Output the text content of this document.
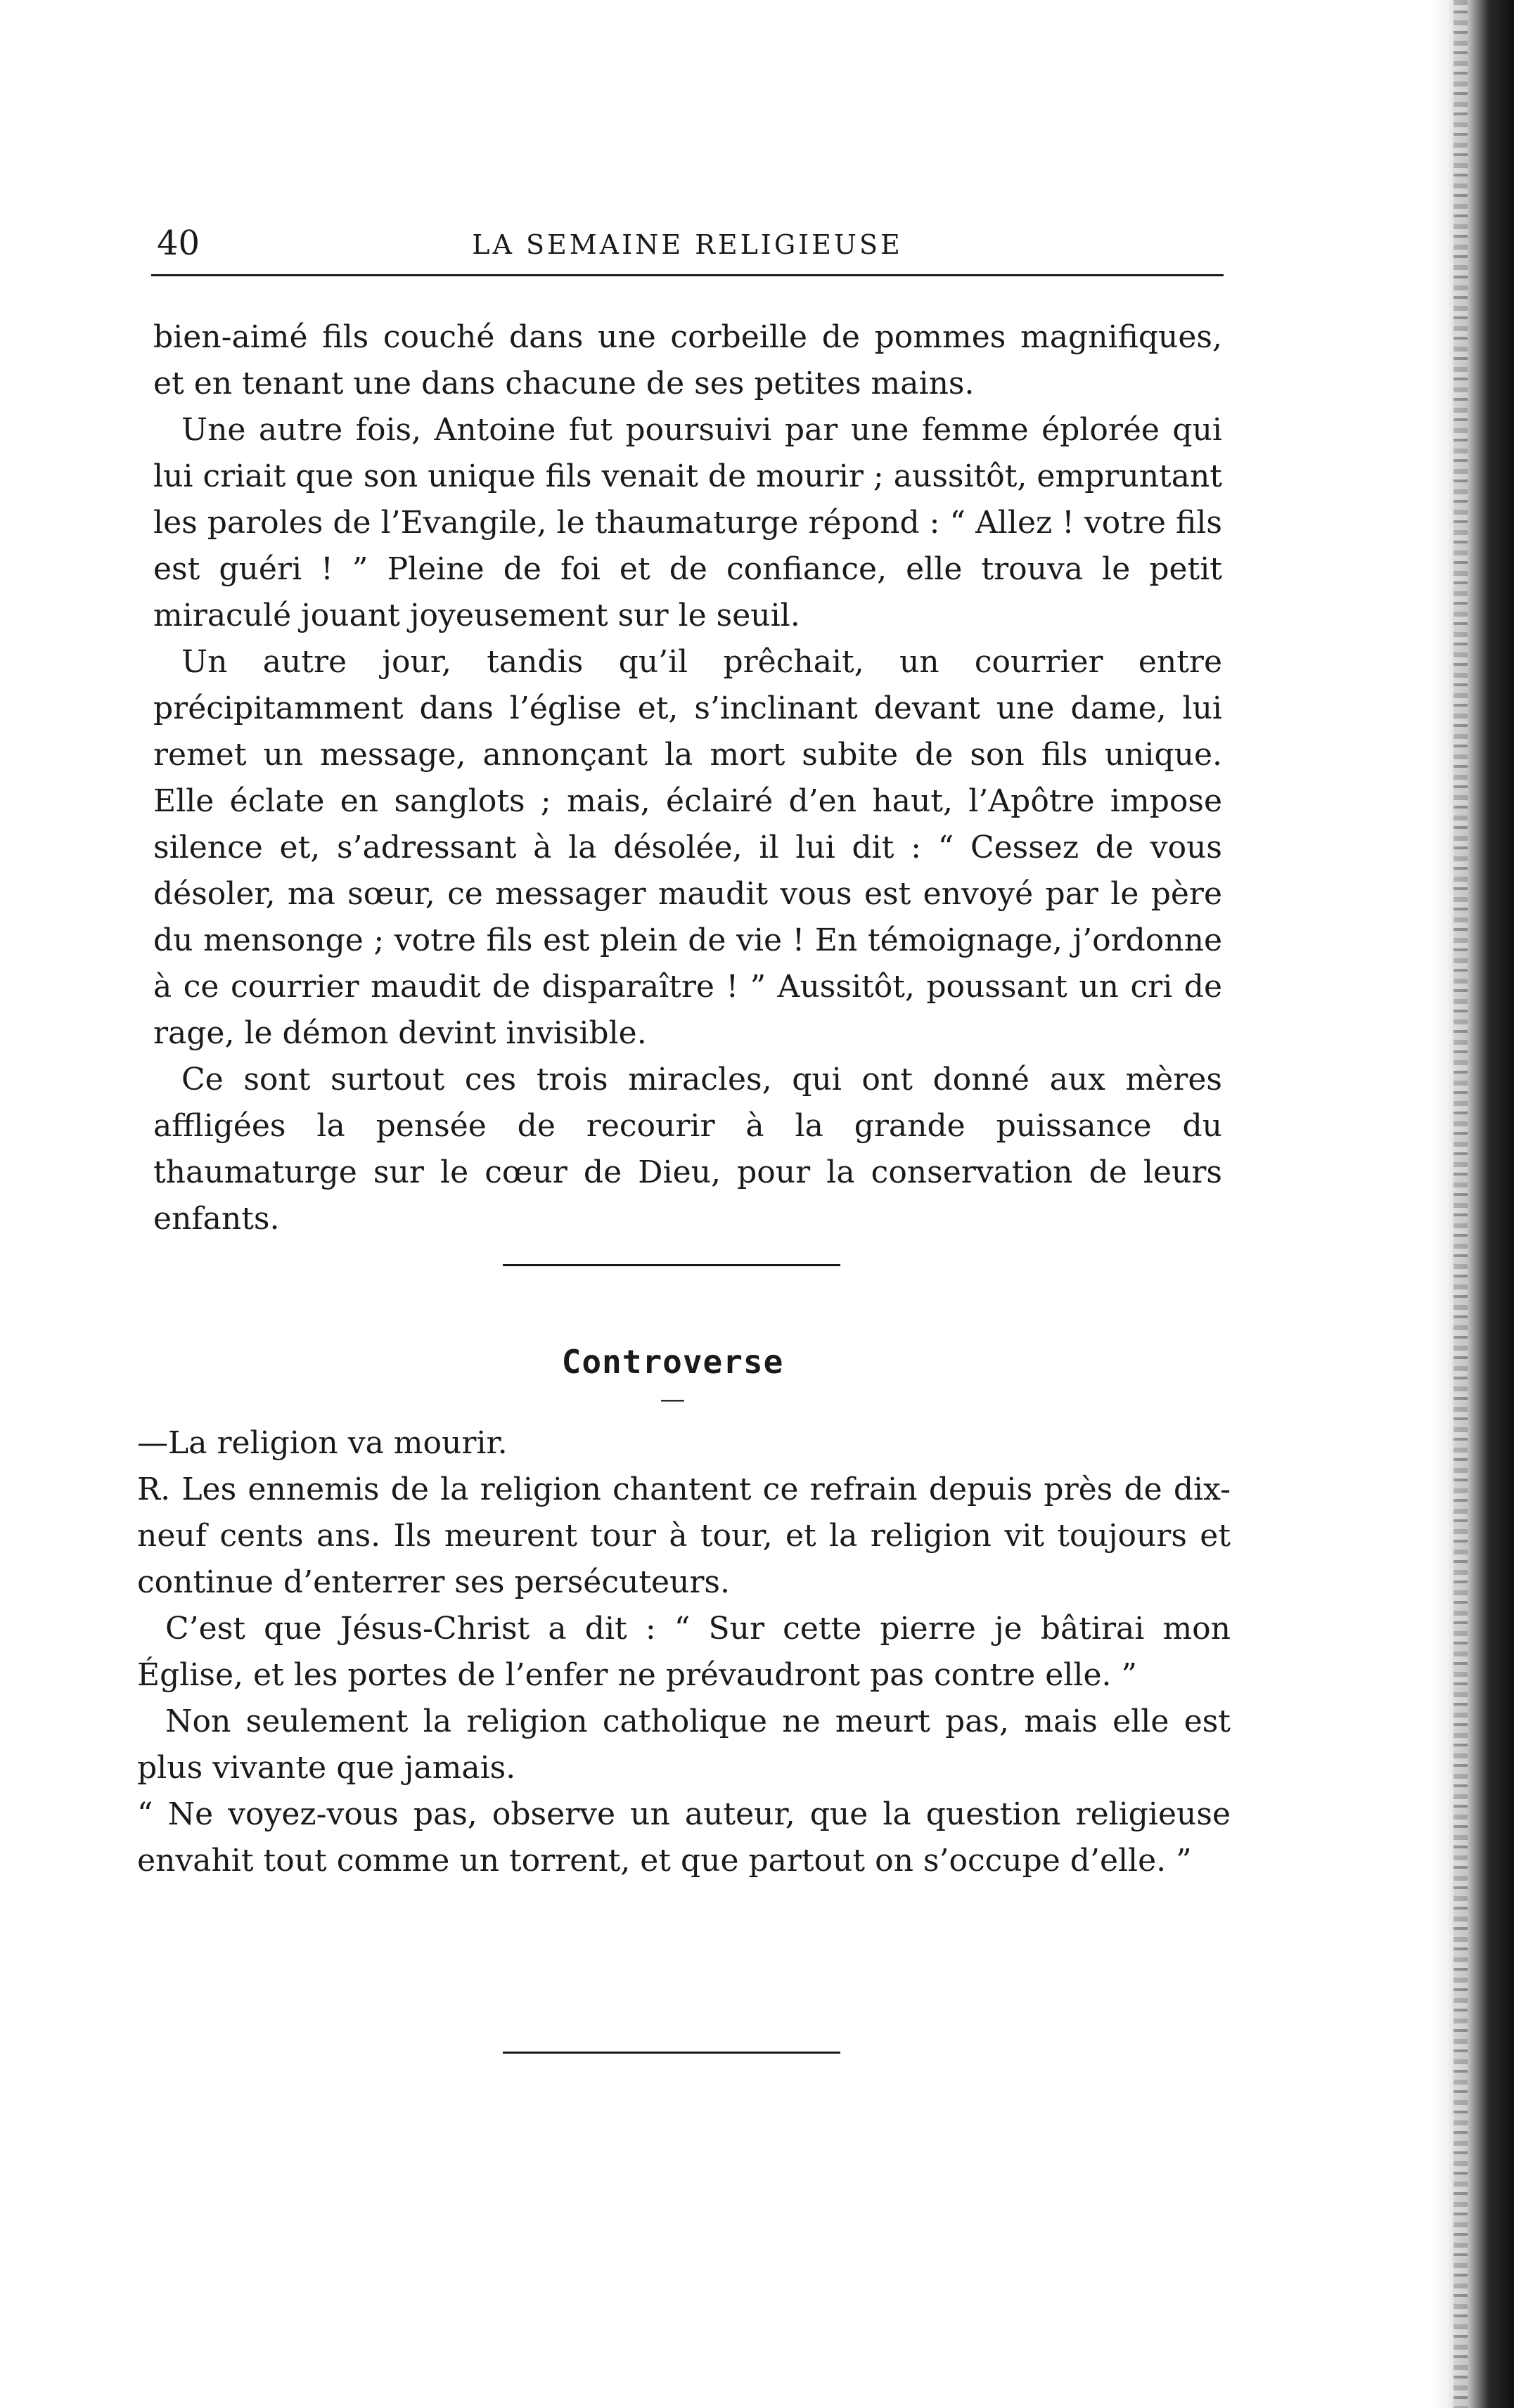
40	LA SEMAINE RELIGIEUSE

bien-aimé fils couché dans une corbeille de pommes magnifiques, et en tenant une dans chacune de ses petites mains.

Une autre fois, Antoine fut poursuivi par une femme éplorée qui lui criait que son unique fils venait de mourir ; aussitôt, empruntant les paroles de l’Evangile, le thaumaturge répond : “ Allez ! votre fils est guéri ! ” Pleine de foi et de confiance, elle trouva le petit miraculé jouant joyeusement sur le seuil.

Un autre jour, tandis qu’il prêchait, un courrier entre précipitamment dans l’église et, s’inclinant devant une dame, lui remet un message, annonçant la mort subite de son fils unique. Elle éclate en sanglots ; mais, éclairé d’en haut, l’Apôtre impose silence et, s’adressant à la désolée, il lui dit : “ Cessez de vous désoler, ma sœur, ce messager maudit vous est envoyé par le père du mensonge ; votre fils est plein de vie ! En témoignage, j’ordonne à ce courrier maudit de disparaître ! ” Aussitôt, poussant un cri de rage, le démon devint invisible.

Ce sont surtout ces trois miracles, qui ont donné aux mères affligées la pensée de recourir à la grande puissance du thaumaturge sur le cœur de Dieu, pour la conservation de leurs enfants.

Controverse
—

—La religion va mourir.

R. Les ennemis de la religion chantent ce refrain depuis près de dix-neuf cents ans. Ils meurent tour à tour, et la religion vit toujours et continue d’enterrer ses persécuteurs.

C’est que Jésus-Christ a dit : “ Sur cette pierre je bâtirai mon Église, et les portes de l’enfer ne prévaudront pas contre elle. ”

Non seulement la religion catholique ne meurt pas, mais elle est plus vivante que jamais.

“ Ne voyez-vous pas, observe un auteur, que la question religieuse envahit tout comme un torrent, et que partout on s’occupe d’elle. ”
